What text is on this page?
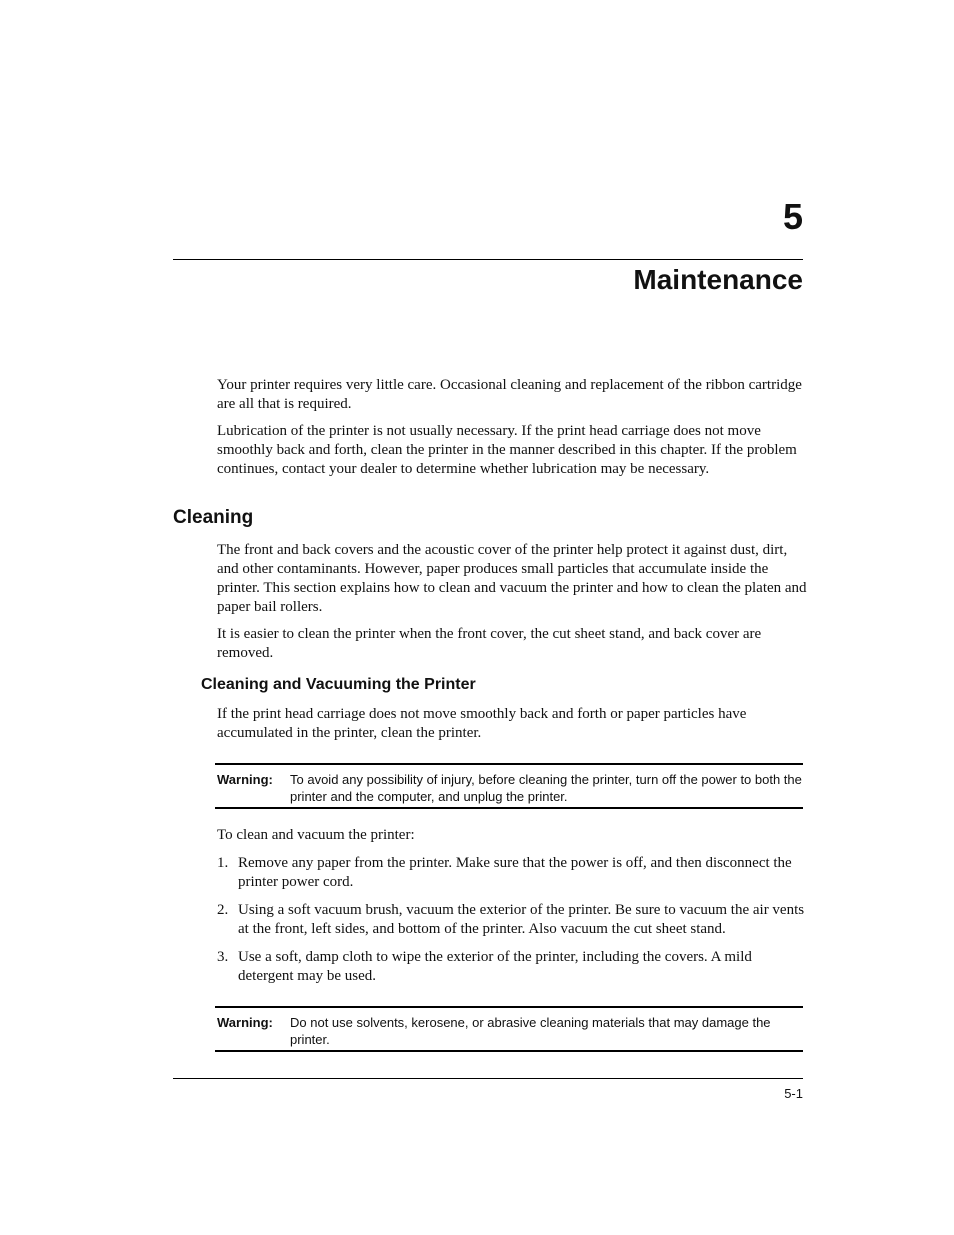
5
Maintenance

Your printer requires very little care. Occasional cleaning and replacement of the ribbon cartridge are all that is required.

Lubrication of the printer is not usually necessary. If the print head carriage does not move smoothly back and forth, clean the printer in the manner described in this chapter. If the problem continues, contact your dealer to determine whether lubrication may be necessary.

Cleaning

The front and back covers and the acoustic cover of the printer help protect it against dust, dirt, and other contaminants. However, paper produces small particles that accumulate inside the printer. This section explains how to clean and vacuum the printer and how to clean the platen and paper bail rollers.

It is easier to clean the printer when the front cover, the cut sheet stand, and back cover are removed.

Cleaning and Vacuuming the Printer

If the print head carriage does not move smoothly back and forth or paper particles have accumulated in the printer, clean the printer.

Warning: To avoid any possibility of injury, before cleaning the printer, turn off the power to both the printer and the computer, and unplug the printer.

To clean and vacuum the printer:

1. Remove any paper from the printer. Make sure that the power is off, and then disconnect the printer power cord.
2. Using a soft vacuum brush, vacuum the exterior of the printer. Be sure to vacuum the air vents at the front, left sides, and bottom of the printer. Also vacuum the cut sheet stand.
3. Use a soft, damp cloth to wipe the exterior of the printer, including the covers. A mild detergent may be used.
Warning: Do not use solvents, kerosene, or abrasive cleaning materials that may damage the printer.
5-1
